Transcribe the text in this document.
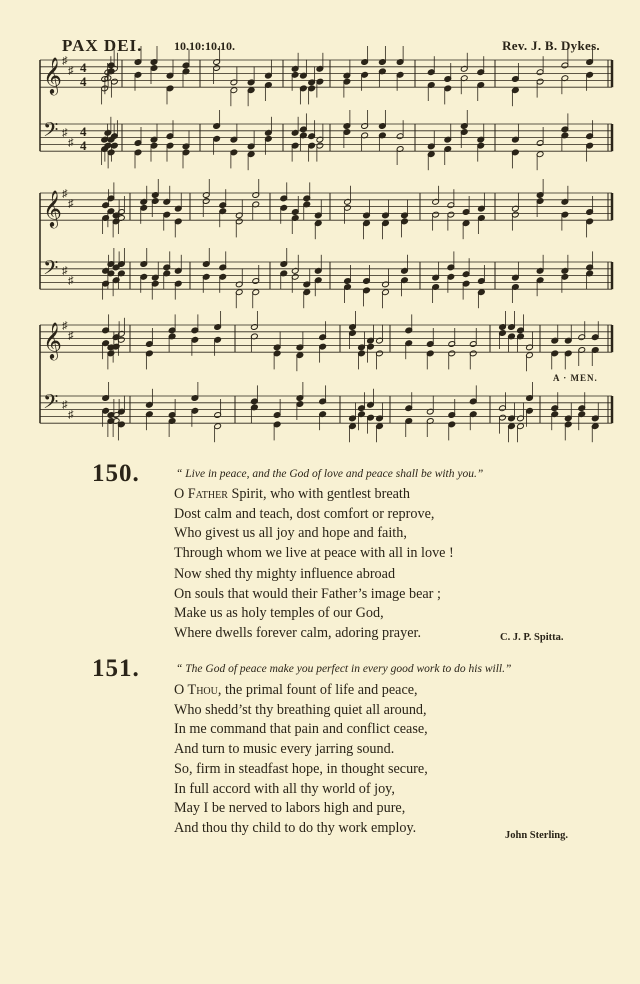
PAX DEI.	10.10:10.10.	Rev. J. B. Dykes.
𝄞 ♯
♯ 4
4
𝄢 ♯
♯
4
4
𝄞 ♯
♯
𝄢 ♯
♯
𝄞 ♯
♯
𝄢 ♯
♯
A · MEN.
150.	“ Live in peace, and the God of love and peace shall be with you.”
O Father Spirit, who with gentlest breath
Dost calm and teach, dost comfort or reprove,
Who givest us all joy and hope and faith,
Through whom we live at peace with all in love !
Now shed thy mighty influence abroad
On souls that would their Father’s image bear ;
Make us as holy temples of our God,
Where dwells forever calm, adoring prayer.	C. J. P. Spitta.
151.	“ The God of peace make you perfect in every good work to do his will.”
O Thou, the primal fount of life and peace,
Who shedd’st thy breathing quiet all around,
In me command that pain and conflict cease,
And turn to music every jarring sound.
So, firm in steadfast hope, in thought secure,
In full accord with all thy world of joy,
May I be nerved to labors high and pure,
And thou thy child to do thy work employ.	John Sterling.
